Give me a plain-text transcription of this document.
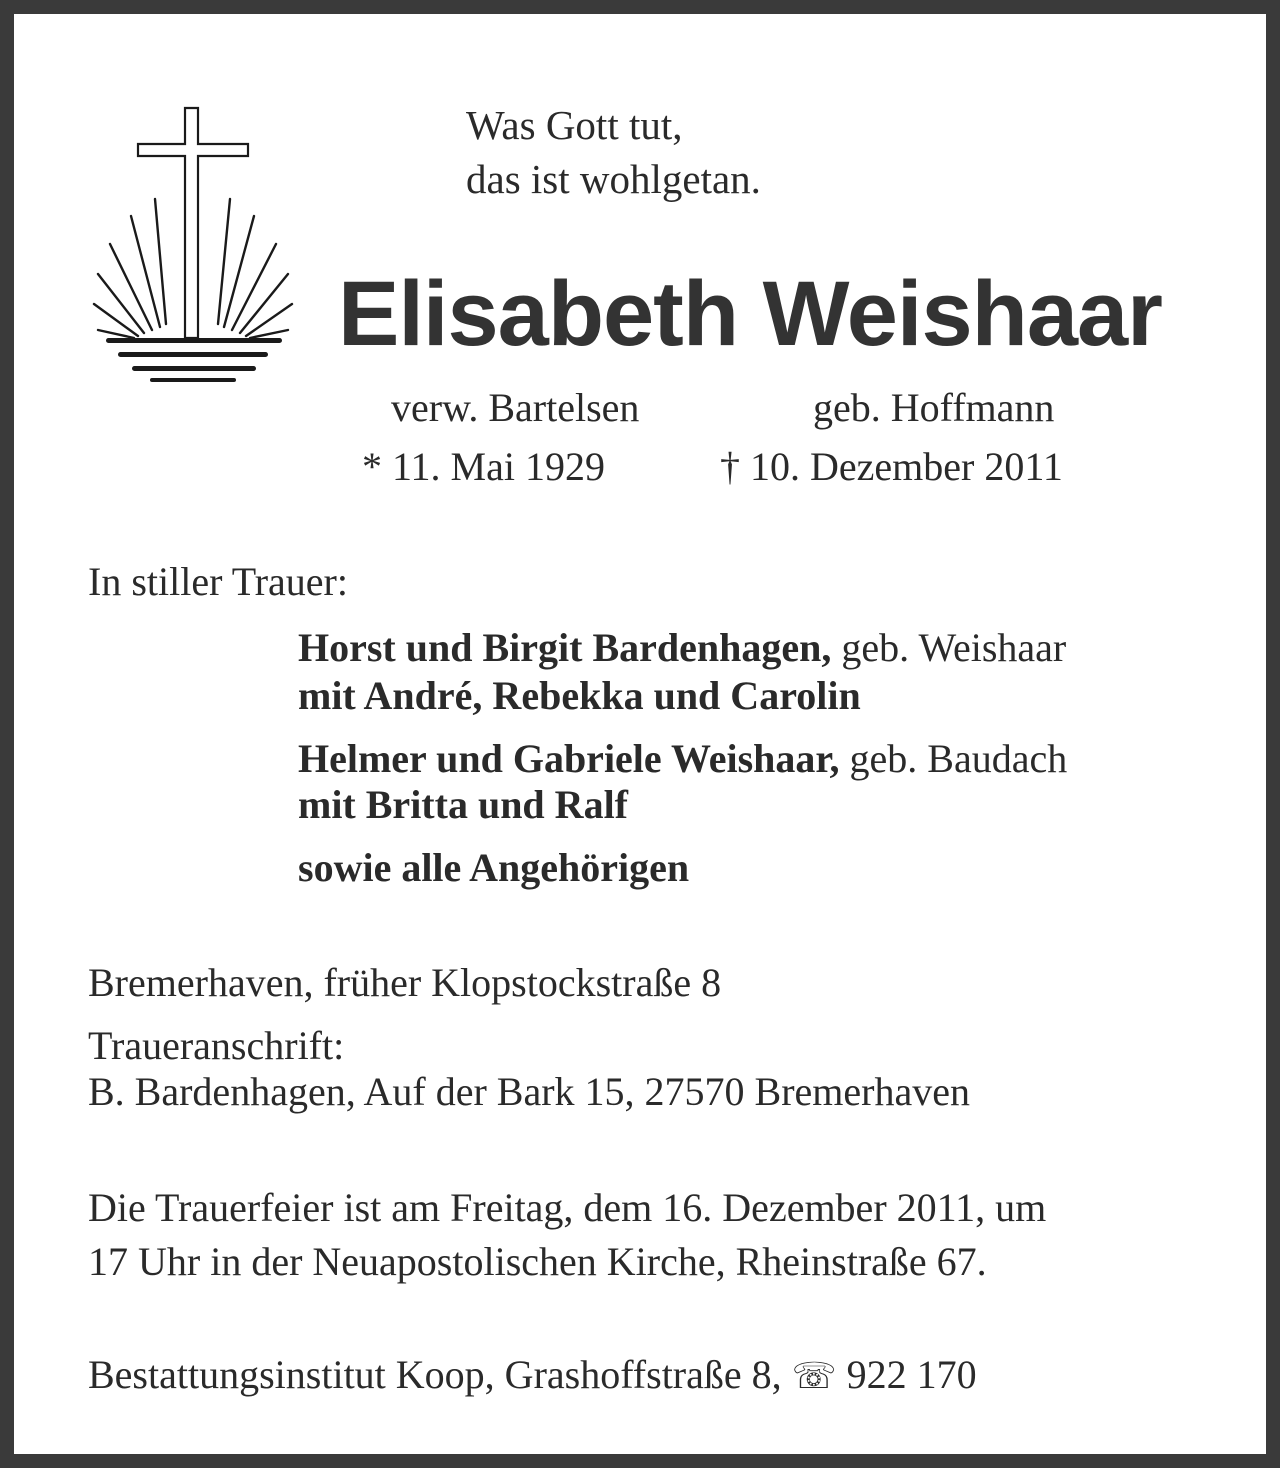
Was Gott tut,
das ist wohlgetan.
Elisabeth Weishaar
verw. Bartelsen	geb. Hoffmann
* 11. Mai 1929	† 10. Dezember 2011
In stiller Trauer:
Horst und Birgit Bardenhagen, geb. Weishaar
mit André, Rebekka und Carolin
Helmer und Gabriele Weishaar, geb. Baudach
mit Britta und Ralf
sowie alle Angehörigen
Bremerhaven, früher Klopstockstraße 8
Traueranschrift:
B. Bardenhagen, Auf der Bark 15, 27570 Bremerhaven
Die Trauerfeier ist am Freitag, dem 16. Dezember 2011, um
17 Uhr in der Neuapostolischen Kirche, Rheinstraße 67.
Bestattungsinstitut Koop, Grashoffstraße 8, ☏ 922 170
